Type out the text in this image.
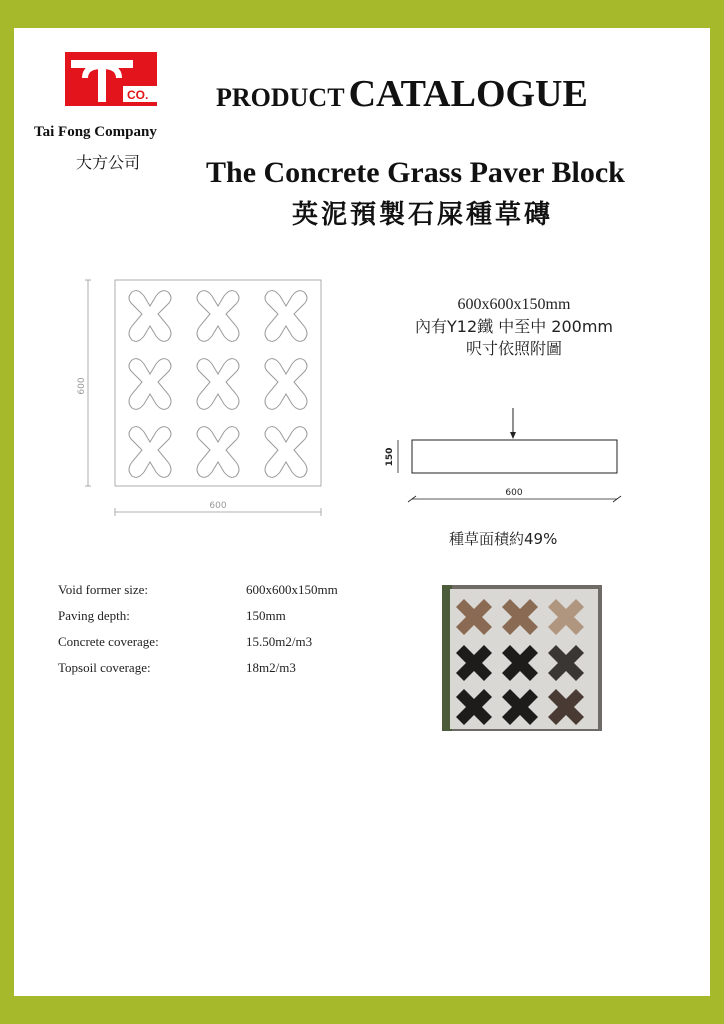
CO.
Tai Fong Company
大方公司
PRODUCT CATALOGUE
The Concrete Grass Paver Block
英泥預製石屎種草磚
600
600
600x600x150mm
內有Y12鐵 中至中 200mm
呎寸依照附圖
150
600
種草面積約49%
Void former size:	600x600x150mm
Paving depth:	150mm
Concrete coverage:	15.50m2/m3
Topsoil coverage:	18m2/m3
